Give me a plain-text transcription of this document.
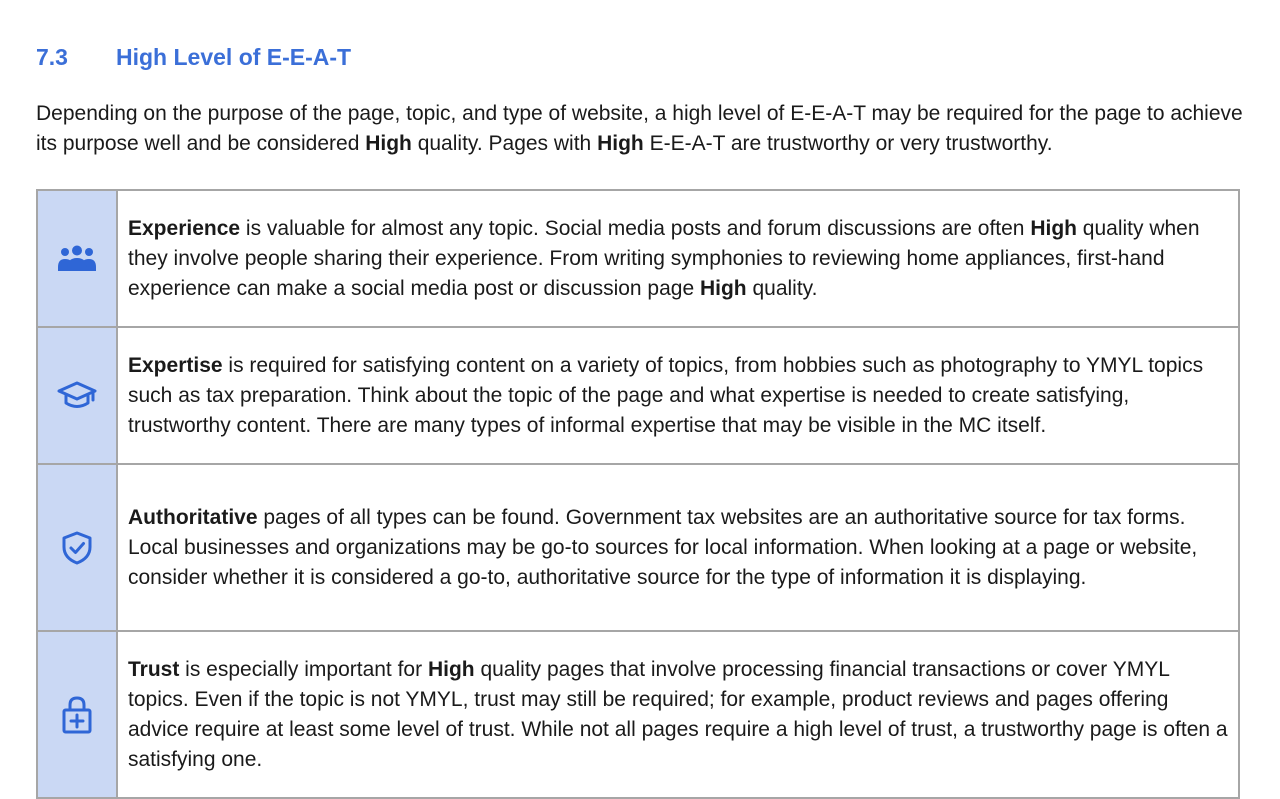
7.3 High Level of E-E-A-T

Depending on the purpose of the page, topic, and type of website, a high level of E-E-A-T may be required for the page to achieve its purpose well and be considered High quality. Pages with High E-E-A-T are trustworthy or very trustworthy.

	Experience is valuable for almost any topic. Social media posts and forum discussions are often High quality when they involve people sharing their experience. From writing symphonies to reviewing home appliances, first-hand experience can make a social media post or discussion page High quality.

	Expertise is required for satisfying content on a variety of topics, from hobbies such as photography to YMYL topics such as tax preparation. Think about the topic of the page and what expertise is needed to create satisfying, trustworthy content. There are many types of informal expertise that may be visible in the MC itself.

	Authoritative pages of all types can be found. Government tax websites are an authoritative source for tax forms. Local businesses and organizations may be go-to sources for local information. When looking at a page or website, consider whether it is considered a go-to, authoritative source for the type of information it is displaying.

	Trust is especially important for High quality pages that involve processing financial transactions or cover YMYL topics. Even if the topic is not YMYL, trust may still be required; for example, product reviews and pages offering advice require at least some level of trust. While not all pages require a high level of trust, a trustworthy page is often a satisfying one.
